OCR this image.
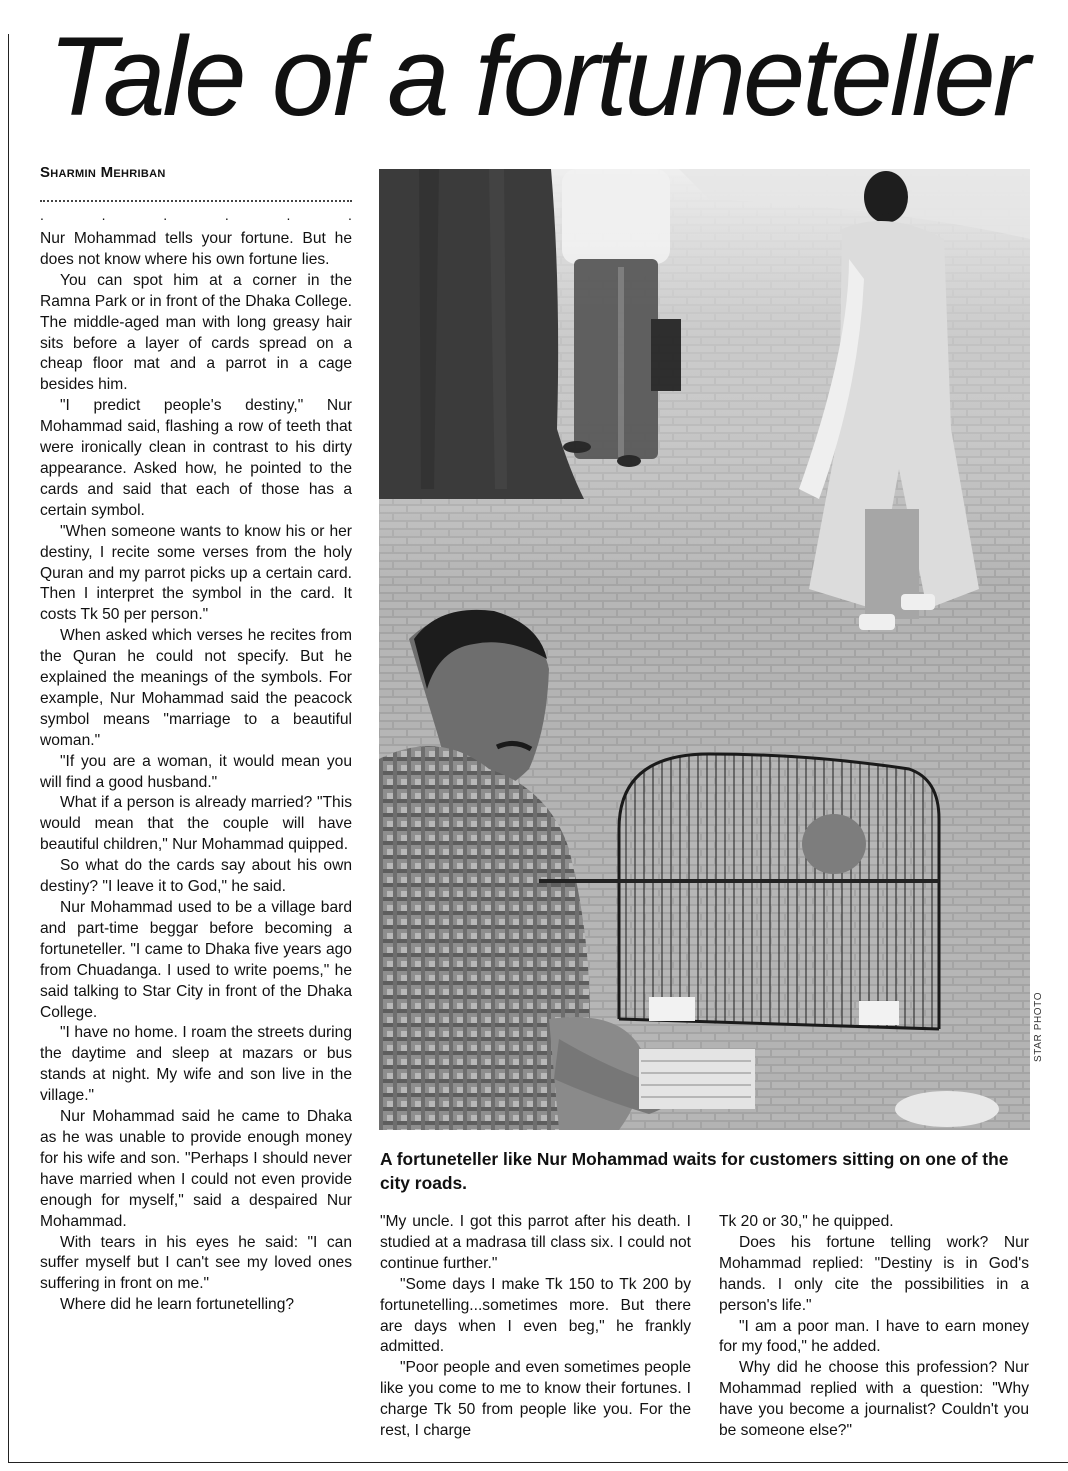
Tale of a fortuneteller
Sharmin Mehriban
.	.	.	.	.	.

Nur Mohammad tells your fortune. But he does not know where his own fortune lies.

You can spot him at a corner in the Ramna Park or in front of the Dhaka College. The middle-aged man with long greasy hair sits before a layer of cards spread on a cheap floor mat and a parrot in a cage besides him.

"I predict people's destiny," Nur Mohammad said, flashing a row of teeth that were ironically clean in contrast to his dirty appearance. Asked how, he pointed to the cards and said that each of those has a certain symbol.

"When someone wants to know his or her destiny, I recite some verses from the holy Quran and my parrot picks up a certain card. Then I interpret the symbol in the card. It costs Tk 50 per person."

When asked which verses he recites from the Quran he could not specify. But he explained the meanings of the symbols. For example, Nur Mohammad said the peacock symbol means "marriage to a beautiful woman."

"If you are a woman, it would mean you will find a good husband."

What if a person is already married? "This would mean that the couple will have beautiful children," Nur Mohammad quipped.

So what do the cards say about his own destiny? "I leave it to God," he said.

Nur Mohammad used to be a village bard and part-time beggar before becoming a fortuneteller. "I came to Dhaka five years ago from Chuadanga. I used to write poems," he said talking to Star City in front of the Dhaka College.

"I have no home. I roam the streets during the daytime and sleep at mazars or bus stands at night. My wife and son live in the village."

Nur Mohammad said he came to Dhaka as he was unable to provide enough money for his wife and son. "Perhaps I should never have married when I could not even provide enough for myself," said a despaired Nur Mohammad.

With tears in his eyes he said: "I can suffer myself but I can't see my loved ones suffering in front on me."

Where did he learn fortunetelling?

STAR PHOTO

A fortuneteller like Nur Mohammad waits for customers sitting on one of the city roads.

"My uncle. I got this parrot after his death. I studied at a madrasa till class six. I could not continue further."

"Some days I make Tk 150 to Tk 200 by fortunetelling...sometimes more. But there are days when I even beg," he frankly admitted.

"Poor people and even sometimes people like you come to me to know their fortunes. I charge Tk 50 from people like you. For the rest, I charge

Tk 20 or 30," he quipped.

Does his fortune telling work? Nur Mohammad replied: "Destiny is in God's hands. I only cite the possibilities in a person's life."

"I am a poor man. I have to earn money for my food," he added.

Why did he choose this profession? Nur Mohammad replied with a question: "Why have you become a journalist? Couldn't you be someone else?"
